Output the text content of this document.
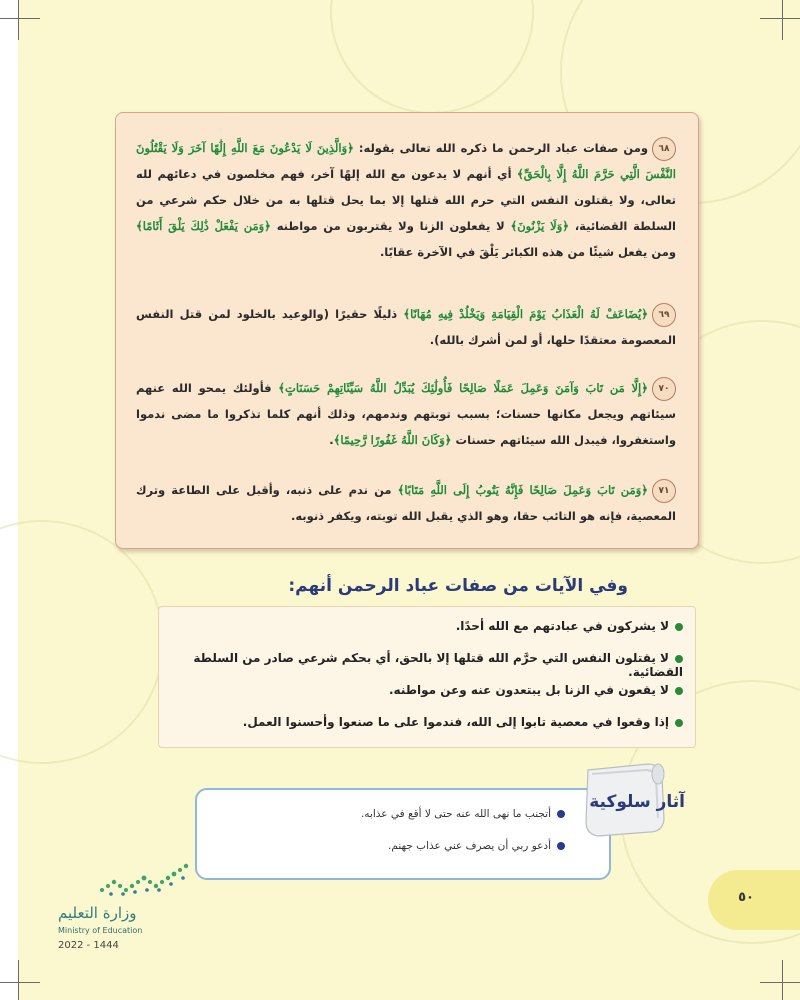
٦٨ومن صفات عباد الرحمن ما ذكره الله تعالى بقوله: ﴿وَالَّذِينَ لَا يَدْعُونَ مَعَ اللَّهِ إِلَٰهًا آخَرَ وَلَا يَقْتُلُونَ النَّفْسَ الَّتِي حَرَّمَ اللَّهُ إِلَّا بِالْحَقِّ﴾ أي أنهم لا يدعون مع الله إلهًا آخر، فهم مخلصون في دعائهم لله تعالى، ولا يقتلون النفس التي حرم الله قتلها إلا بما يحل قتلها به من خلال حكم شرعي من السلطة القضائية، ﴿وَلَا يَزْنُونَ﴾ لا يفعلون الزنا ولا يقتربون من مواطنه ﴿وَمَن يَفْعَلْ ذَٰلِكَ يَلْقَ أَثَامًا﴾ ومن يفعل شيئًا من هذه الكبائر يَلْقَ في الآخرة عقابًا.
٦٩﴿يُضَاعَفْ لَهُ الْعَذَابُ يَوْمَ الْقِيَامَةِ وَيَخْلُدْ فِيهِ مُهَانًا﴾ ذليلًا حقيرًا (والوعيد بالخلود لمن قتل النفس المعصومة معتقدًا حلها، أو لمن أشرك بالله).
٧٠﴿إِلَّا مَن تَابَ وَآمَنَ وَعَمِلَ عَمَلًا صَالِحًا فَأُولَٰئِكَ يُبَدِّلُ اللَّهُ سَيِّئَاتِهِمْ حَسَنَاتٍ﴾ فأولئك يمحو الله عنهم سيئاتهم ويجعل مكانها حسنات؛ بسبب توبتهم وندمهم، وذلك أنهم كلما تذكروا ما مضى ندموا واستغفروا، فيبدل الله سيئاتهم حسنات ﴿وَكَانَ اللَّهُ غَفُورًا رَّحِيمًا﴾.
٧١﴿وَمَن تَابَ وَعَمِلَ صَالِحًا فَإِنَّهُ يَتُوبُ إِلَى اللَّهِ مَتَابًا﴾ من ندم على ذنبه، وأقبل على الطاعة وترك المعصية، فإنه هو التائب حقا، وهو الذي يقبل الله توبته، ويكفر ذنوبه.
وفي الآيات من صفات عباد الرحمن أنهم:
لا يشركون في عبادتهم مع الله أحدًا.
لا يقتلون النفس التي حرَّم الله قتلها إلا بالحق، أي بحكم شرعي صادر من السلطة القضائية.
لا يقعون في الزنا بل يبتعدون عنه وعن مواطنه.
إذا وقعوا في معصية تابوا إلى الله، فندموا على ما صنعوا وأحسنوا العمل.
أتجنب ما نهى الله عنه حتى لا أقع في عذابه.
أدعو ربي أن يصرف عني عذاب جهنم.
آثار سلوكية
٥٠
وزارة التعليم
Ministry of Education
2022 - 1444
